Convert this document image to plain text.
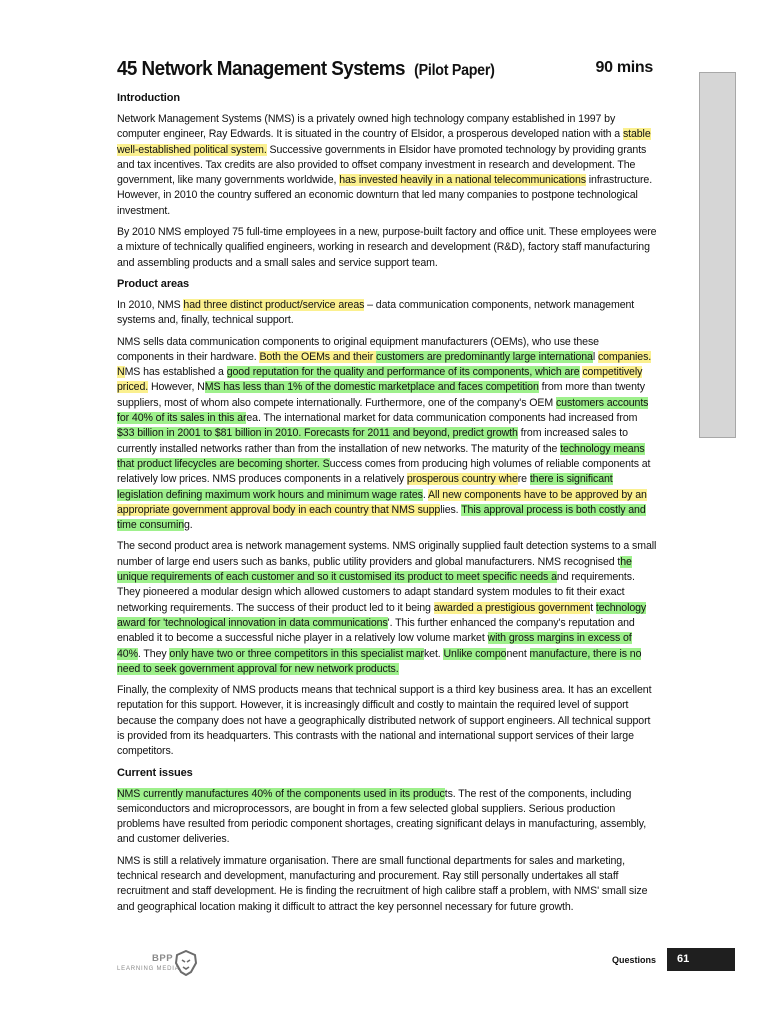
45 Network Management Systems (Pilot Paper)	90 mins
Introduction

Network Management Systems (NMS) is a privately owned high technology company established in 1997 by computer engineer, Ray Edwards. It is situated in the country of Elsidor, a prosperous developed nation with a stable well-established political system. Successive governments in Elsidor have promoted technology by providing grants and tax incentives. Tax credits are also provided to offset company investment in research and development. The government, like many governments worldwide, has invested heavily in a national telecommunications infrastructure. However, in 2010 the country suffered an economic downturn that led many companies to postpone technological investment.

By 2010 NMS employed 75 full-time employees in a new, purpose-built factory and office unit. These employees were a mixture of technically qualified engineers, working in research and development (R&D), factory staff manufacturing and assembling products and a small sales and service support team.

Product areas

In 2010, NMS had three distinct product/service areas – data communication components, network management systems and, finally, technical support.

NMS sells data communication components to original equipment manufacturers (OEMs), who use these components in their hardware. Both the OEMs and their customers are predominantly large international companies. NMS has established a good reputation for the quality and performance of its components, which are competitively priced. However, NMS has less than 1% of the domestic marketplace and faces competition from more than twenty suppliers, most of whom also compete internationally. Furthermore, one of the company's OEM customers accounts for 40% of its sales in this area. The international market for data communication components had increased from $33 billion in 2001 to $81 billion in 2010. Forecasts for 2011 and beyond, predict growth from increased sales to currently installed networks rather than from the installation of new networks. The maturity of the technology means that product lifecycles are becoming shorter. Success comes from producing high volumes of reliable components at relatively low prices. NMS produces components in a relatively prosperous country where there is significant legislation defining maximum work hours and minimum wage rates. All new components have to be approved by an appropriate government approval body in each country that NMS supplies. This approval process is both costly and time consuming.

The second product area is network management systems. NMS originally supplied fault detection systems to a small number of large end users such as banks, public utility providers and global manufacturers. NMS recognised the unique requirements of each customer and so it customised its product to meet specific needs and requirements. They pioneered a modular design which allowed customers to adapt standard system modules to fit their exact networking requirements. The success of their product led to it being awarded a prestigious government technology award for 'technological innovation in data communications'. This further enhanced the company's reputation and enabled it to become a successful niche player in a relatively low volume market with gross margins in excess of 40%. They only have two or three competitors in this specialist market. Unlike component manufacture, there is no need to seek government approval for new network products.

Finally, the complexity of NMS products means that technical support is a third key business area. It has an excellent reputation for this support. However, it is increasingly difficult and costly to maintain the required level of support because the company does not have a geographically distributed network of support engineers. All technical support is provided from its headquarters. This contrasts with the national and international support services of their large competitors.

Current issues

NMS currently manufactures 40% of the components used in its products. The rest of the components, including semiconductors and microprocessors, are bought in from a few selected global suppliers. Serious production problems have resulted from periodic component shortages, creating significant delays in manufacturing, assembly, and customer deliveries.

NMS is still a relatively immature organisation. There are small functional departments for sales and marketing, technical research and development, manufacturing and procurement. Ray still personally undertakes all staff recruitment and staff development. He is finding the recruitment of high calibre staff a problem, with NMS' small size and geographical location making it difficult to attract the key personnel necessary for future growth.

BPP
LEARNING MEDIA
Questions	61
